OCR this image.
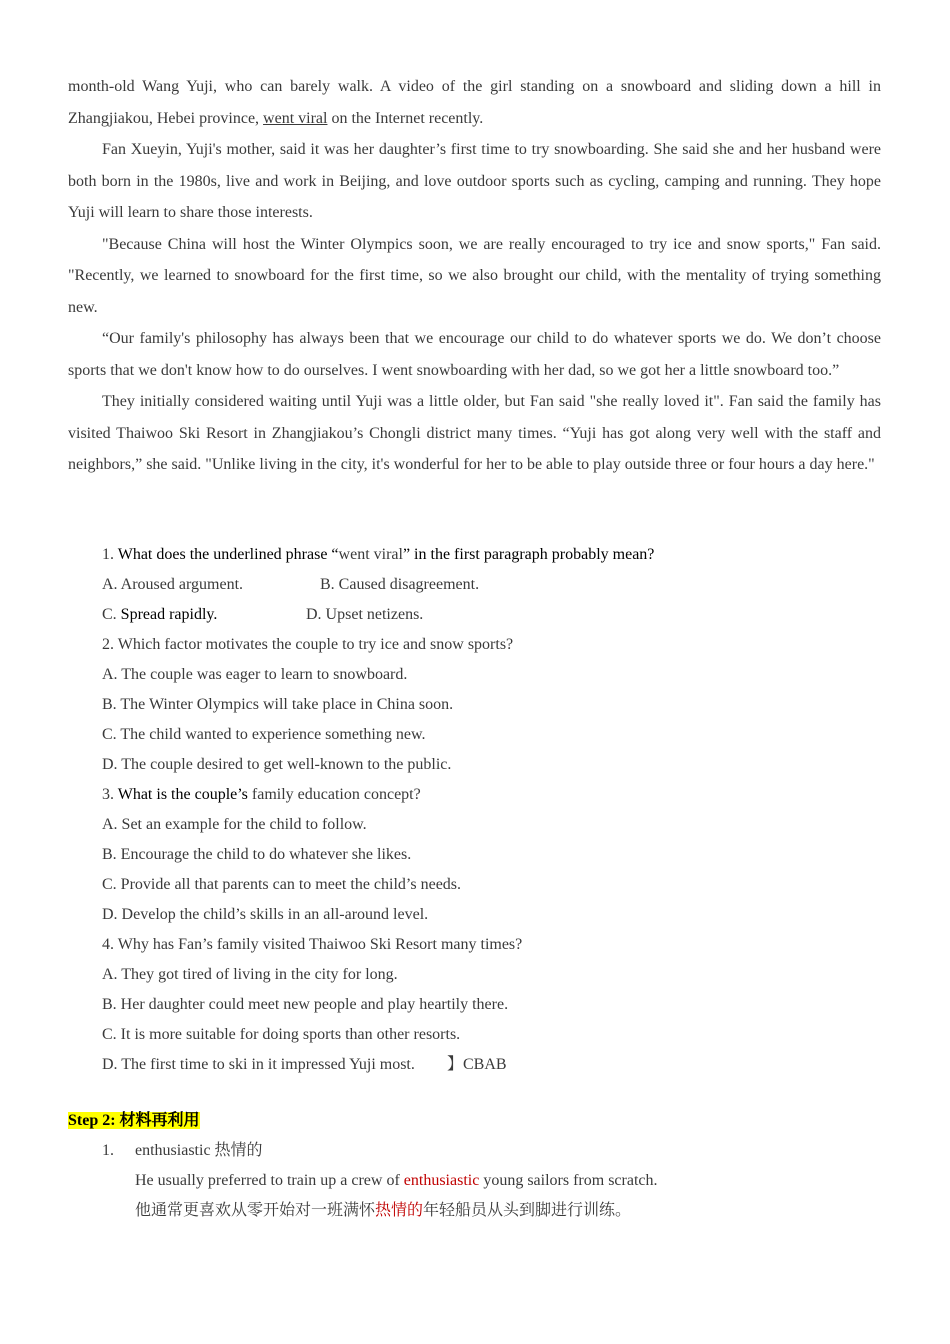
month-old Wang Yuji, who can barely walk. A video of the girl standing on a snowboard and sliding down a hill in Zhangjiakou, Hebei province, went viral on the Internet recently.

Fan Xueyin, Yuji's mother, said it was her daughter’s first time to try snowboarding. She said she and her husband were both born in the 1980s, live and work in Beijing, and love outdoor sports such as cycling, camping and running. They hope Yuji will learn to share those interests.

"Because China will host the Winter Olympics soon, we are really encouraged to try ice and snow sports," Fan said. "Recently, we learned to snowboard for the first time, so we also brought our child, with the mentality of trying something new.

“Our family's philosophy has always been that we encourage our child to do whatever sports we do. We don’t choose sports that we don't know how to do ourselves. I went snowboarding with her dad, so we got her a little snowboard too.”

They initially considered waiting until Yuji was a little older, but Fan said "she really loved it". Fan said the family has visited Thaiwoo Ski Resort in Zhangjiakou’s Chongli district many times. “Yuji has got along very well with the staff and neighbors,” she said. "Unlike living in the city, it's wonderful for her to be able to play outside three or four hours a day here."

1. What does the underlined phrase “went viral” in the first paragraph probably mean?
A. Aroused argument.	B. Caused disagreement.
C. Spread rapidly.	D. Upset netizens.
2. Which factor motivates the couple to try ice and snow sports?
A. The couple was eager to learn to snowboard.
B. The Winter Olympics will take place in China soon.
C. The child wanted to experience something new.
D. The couple desired to get well-known to the public.
3. What is the couple’s family education concept?
A. Set an example for the child to follow.
B. Encourage the child to do whatever she likes.
C. Provide all that parents can to meet the child’s needs.
D. Develop the child’s skills in an all-around level.
4. Why has Fan’s family visited Thaiwoo Ski Resort many times?
A. They got tired of living in the city for long.
B. Her daughter could meet new people and play heartily there.
C. It is more suitable for doing sports than other resorts.
D. The first time to ski in it impressed Yuji most. 】CBAB
Step 2: 材料再利用
1. enthusiastic 热情的
He usually preferred to train up a crew of enthusiastic young sailors from scratch.
他通常更喜欢从零开始对一班满怀热情的年轻船员从头到脚进行训练。
